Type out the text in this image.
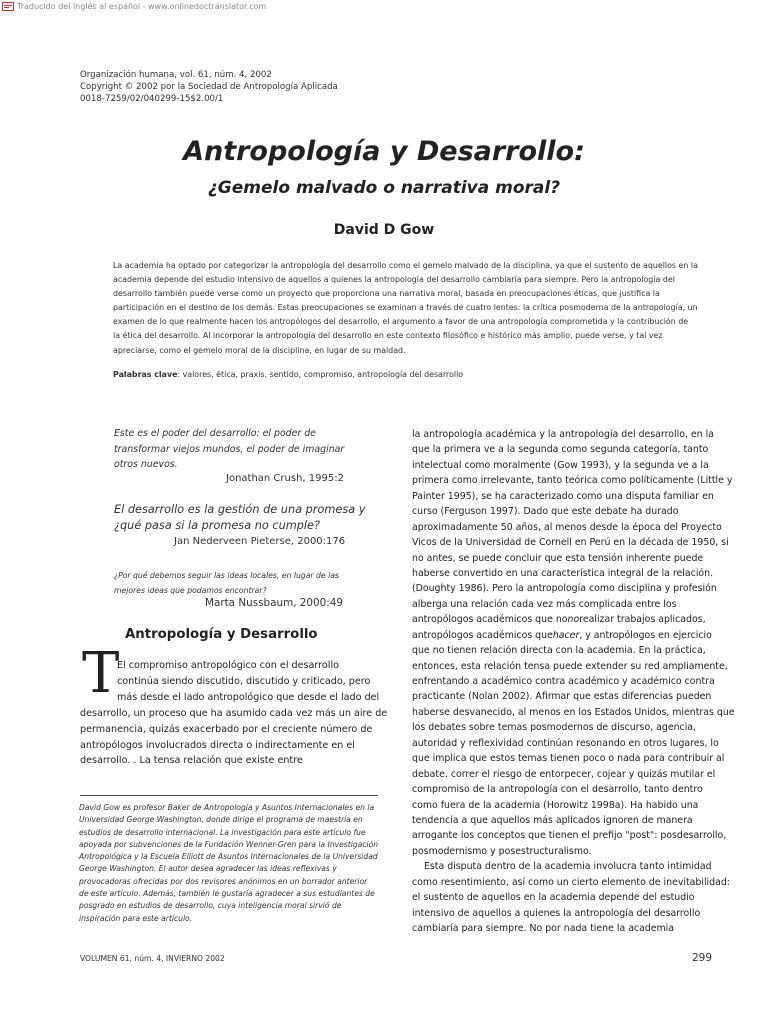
Traducido del inglés al español - www.onlinedoctranslator.com
Organización humana, vol. 61, núm. 4, 2002
Copyright © 2002 por la Sociedad de Antropología Aplicada
0018-7259/02/040299-15$2.00/1
Antropología y Desarrollo:
¿Gemelo malvado o narrativa moral?
David D Gow
La academia ha optado por categorizar la antropología del desarrollo como el gemelo malvado de la disciplina, ya que el sustento de aquellos en la
academia depende del estudio intensivo de aquellos a quienes la antropología del desarrollo cambiaría para siempre. Pero la antropología del
desarrollo también puede verse como un proyecto que proporciona una narrativa moral, basada en preocupaciones éticas, que justifica la
participación en el destino de los demás. Estas preocupaciones se examinan a través de cuatro lentes: la crítica posmoderna de la antropología, un
examen de lo que realmente hacen los antropólogos del desarrollo, el argumento a favor de una antropología comprometida y la contribución de
la ética del desarrollo. Al incorporar la antropología del desarrollo en este contexto filosófico e histórico más amplio, puede verse, y tal vez
apreciarse, como el gemelo moral de la disciplina, en lugar de su maldad.
Palabras clave: valores, ética, praxis, sentido, compromiso, antropología del desarrollo
Este es el poder del desarrollo: el poder de
transformar viejos mundos, el poder de imaginar
otros nuevos.
Jonathan Crush, 1995:2
El desarrollo es la gestión de una promesa y
¿qué pasa si la promesa no cumple?
Jan Nederveen Pieterse, 2000:176
¿Por qué debemos seguir las ideas locales, en lugar de las
mejores ideas que podamos encontrar?
Marta Nussbaum, 2000:49
Antropología y Desarrollo
T
El compromiso antropológico con el desarrollo
continúa siendo discutido, discutido y criticado, pero
más desde el lado antropológico que desde el lado del
desarrollo, un proceso que ha asumido cada vez más un aire de
permanencia, quizás exacerbado por el creciente número de
antropólogos involucrados directa o indirectamente en el
desarrollo. . La tensa relación que existe entre
David Gow es profesor Baker de Antropología y Asuntos Internacionales en la
Universidad George Washington, donde dirige el programa de maestría en
estudios de desarrollo internacional. La investigación para este artículo fue
apoyada por subvenciones de la Fundación Wenner-Gren para la Investigación
Antropológica y la Escuela Elliott de Asuntos Internacionales de la Universidad
George Washington. El autor desea agradecer las ideas reflexivas y
provocadoras ofrecidas por dos revisores anónimos en un borrador anterior
de este artículo. Además, también le gustaría agradecer a sus estudiantes de
posgrado en estudios de desarrollo, cuya inteligencia moral sirvió de
inspiración para este artículo.
la antropología académica y la antropología del desarrollo, en la
que la primera ve a la segunda como segunda categoría, tanto
intelectual como moralmente (Gow 1993), y la segunda ve a la
primera como irrelevante, tanto teórica como políticamente (Little y
Painter 1995), se ha caracterizado como una disputa familiar en
curso (Ferguson 1997). Dado que este debate ha durado
aproximadamente 50 años, al menos desde la época del Proyecto
Vicos de la Universidad de Cornell en Perú en la década de 1950, si
no antes, se puede concluir que esta tensión inherente puede
haberse convertido en una característica integral de la relación.
(Doughty 1986). Pero la antropología como disciplina y profesión
alberga una relación cada vez más complicada entre los
antropólogos académicos que nonorealizar trabajos aplicados,
antropólogos académicos quehacer, y antropólogos en ejercicio
que no tienen relación directa con la academia. En la práctica,
entonces, esta relación tensa puede extender su red ampliamente,
enfrentando a académico contra académico y académico contra
practicante (Nolan 2002). Afirmar que estas diferencias pueden
haberse desvanecido, al menos en los Estados Unidos, mientras que
los debates sobre temas posmodernos de discurso, agencia,
autoridad y reflexividad continúan resonando en otros lugares, lo
que implica que estos temas tienen poco o nada para contribuir al
debate. correr el riesgo de entorpecer, cojear y quizás mutilar el
compromiso de la antropología con el desarrollo, tanto dentro
como fuera de la academia (Horowitz 1998a). Ha habido una
tendencia a que aquellos más aplicados ignoren de manera
arrogante los conceptos que tienen el prefijo "post": posdesarrollo,
posmodernismo y posestructuralismo.
Esta disputa dentro de la academia involucra tanto intimidad
como resentimiento, así como un cierto elemento de inevitabilidad:
el sustento de aquellos en la academia depende del estudio
intensivo de aquellos a quienes la antropología del desarrollo
cambiaría para siempre. No por nada tiene la academia
VOLUMEN 61, núm. 4, INVIERNO 2002	299
